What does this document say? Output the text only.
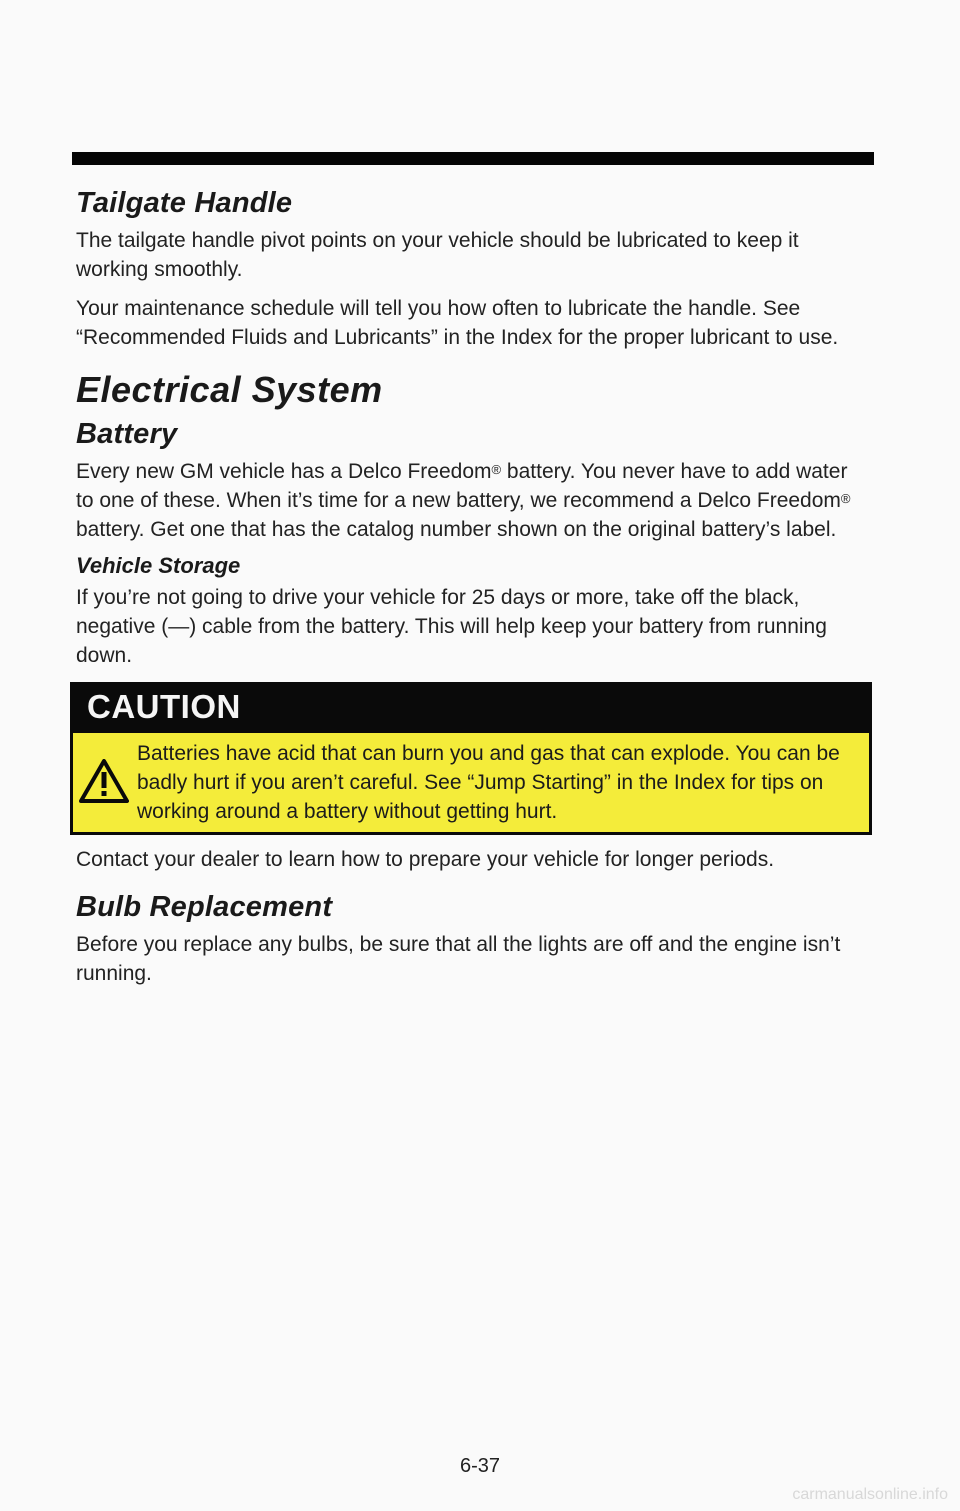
Tailgate Handle

The tailgate handle pivot points on your vehicle should be lubricated to keep it working smoothly.

Your maintenance schedule will tell you how often to lubricate the handle. See “Recommended Fluids and Lubricants” in the Index for the proper lubricant to use.

Electrical System
Battery

Every new GM vehicle has a Delco Freedom® battery. You never have to add water to one of these. When it’s time for a new battery, we recommend a Delco Freedom® battery. Get one that has the catalog number shown on the original battery’s label.

Vehicle Storage

If you’re not going to drive your vehicle for 25 days or more, take off the black, negative (—) cable from the battery. This will help keep your battery from running down.

CAUTION
Batteries have acid that can burn you and gas that can explode. You can be badly hurt if you aren’t careful. See “Jump Starting” in the Index for tips on working around a battery without getting hurt.

Contact your dealer to learn how to prepare your vehicle for longer periods.

Bulb Replacement

Before you replace any bulbs, be sure that all the lights are off and the engine isn’t running.

6-37
carmanualsonline.info
